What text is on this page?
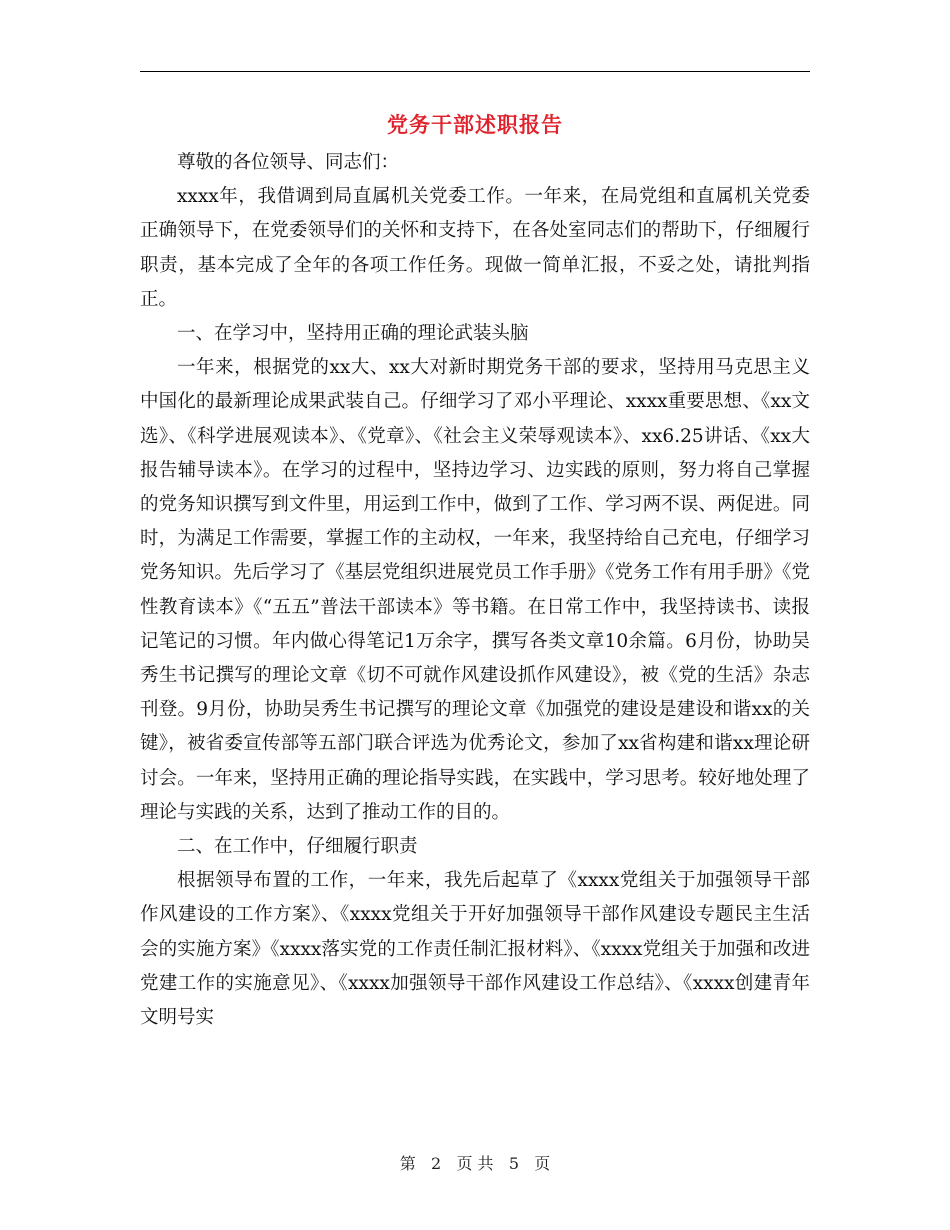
党务干部述职报告

尊敬的各位领导、同志们：

xxxx年，我借调到局直属机关党委工作。一年来，在局党组和直属机关党委正确领导下，在党委领导们的关怀和支持下，在各处室同志们的帮助下，仔细履行职责，基本完成了全年的各项工作任务。现做一简单汇报，不妥之处，请批判指正。

一、在学习中，坚持用正确的理论武装头脑

一年来，根据党的xx大、xx大对新时期党务干部的要求，坚持用马克思主义中国化的最新理论成果武装自己。仔细学习了邓小平理论、xxxx重要思想、《xx文选》、《科学进展观读本》、《党章》、《社会主义荣辱观读本》、xx6.25讲话、《xx大报告辅导读本》。在学习的过程中，坚持边学习、边实践的原则，努力将自己掌握的党务知识撰写到文件里，用运到工作中，做到了工作、学习两不误、两促进。同时，为满足工作需要，掌握工作的主动权，一年来，我坚持给自己充电，仔细学习党务知识。先后学习了《基层党组织进展党员工作手册》《党务工作有用手册》《党性教育读本》《“五五”普法干部读本》等书籍。在日常工作中，我坚持读书、读报记笔记的习惯。年内做心得笔记1万余字，撰写各类文章10余篇。6月份，协助吴秀生书记撰写的理论文章《切不可就作风建设抓作风建设》，被《党的生活》杂志刊登。9月份，协助吴秀生书记撰写的理论文章《加强党的建设是建设和谐xx的关键》，被省委宣传部等五部门联合评选为优秀论文，参加了xx省构建和谐xx理论研讨会。一年来，坚持用正确的理论指导实践，在实践中，学习思考。较好地处理了理论与实践的关系，达到了推动工作的目的。

二、在工作中，仔细履行职责

根据领导布置的工作，一年来，我先后起草了《xxxx党组关于加强领导干部作风建设的工作方案》、《xxxx党组关于开好加强领导干部作风建设专题民主生活会的实施方案》《xxxx落实党的工作责任制汇报材料》、《xxxx党组关于加强和改进党建工作的实施意见》、《xxxx加强领导干部作风建设工作总结》、《xxxx创建青年文明号实

第 2 页 共 5 页
